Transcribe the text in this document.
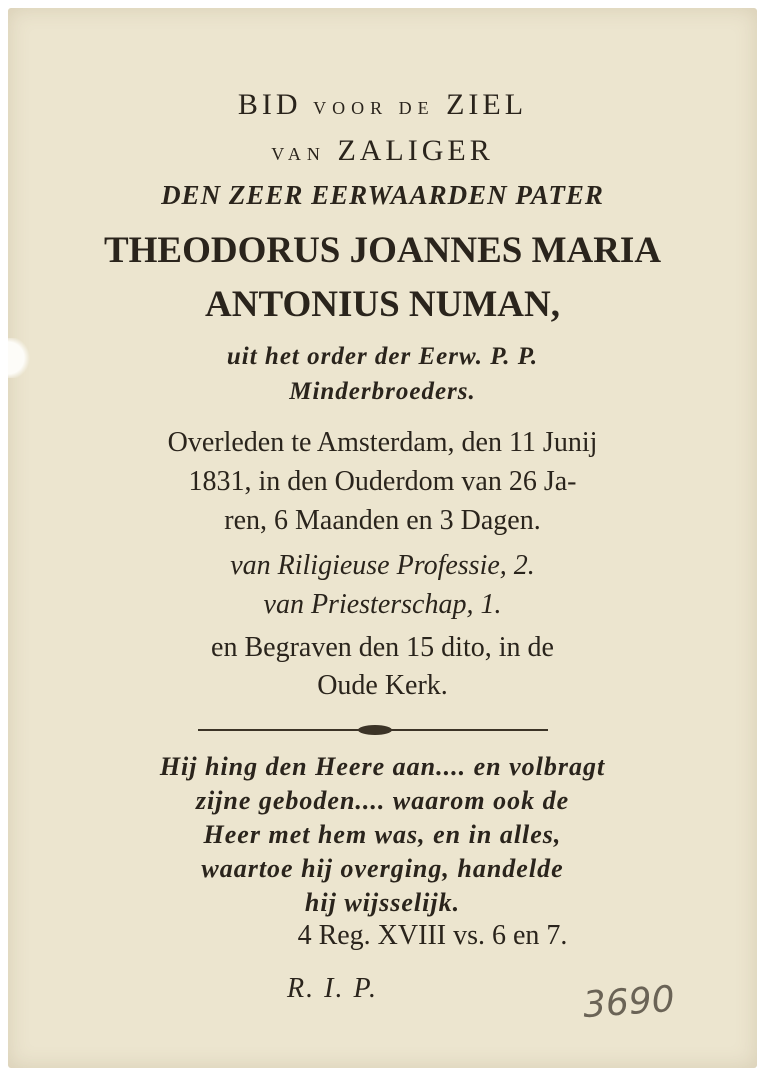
BID VOOR DE ZIEL

VAN ZALIGER

DEN ZEER EERWAARDEN PATER

THEODORUS JOANNES MARIA

ANTONIUS NUMAN,

uit het order der Eerw. P. P.

Minderbroeders.

Overleden te Amsterdam, den 11 Junij

1831, in den Ouderdom van 26 Ja-

ren, 6 Maanden en 3 Dagen.

van Riligieuse Professie, 2.

van Priesterschap, 1.

en Begraven den 15 dito, in de

Oude Kerk.

Hij hing den Heere aan.... en volbragt

zijne geboden.... waarom ook de

Heer met hem was, en in alles,

waartoe hij overging, handelde

hij wijsselijk.

4 Reg. XVIII vs. 6 en 7.

R. I. P.	3690
